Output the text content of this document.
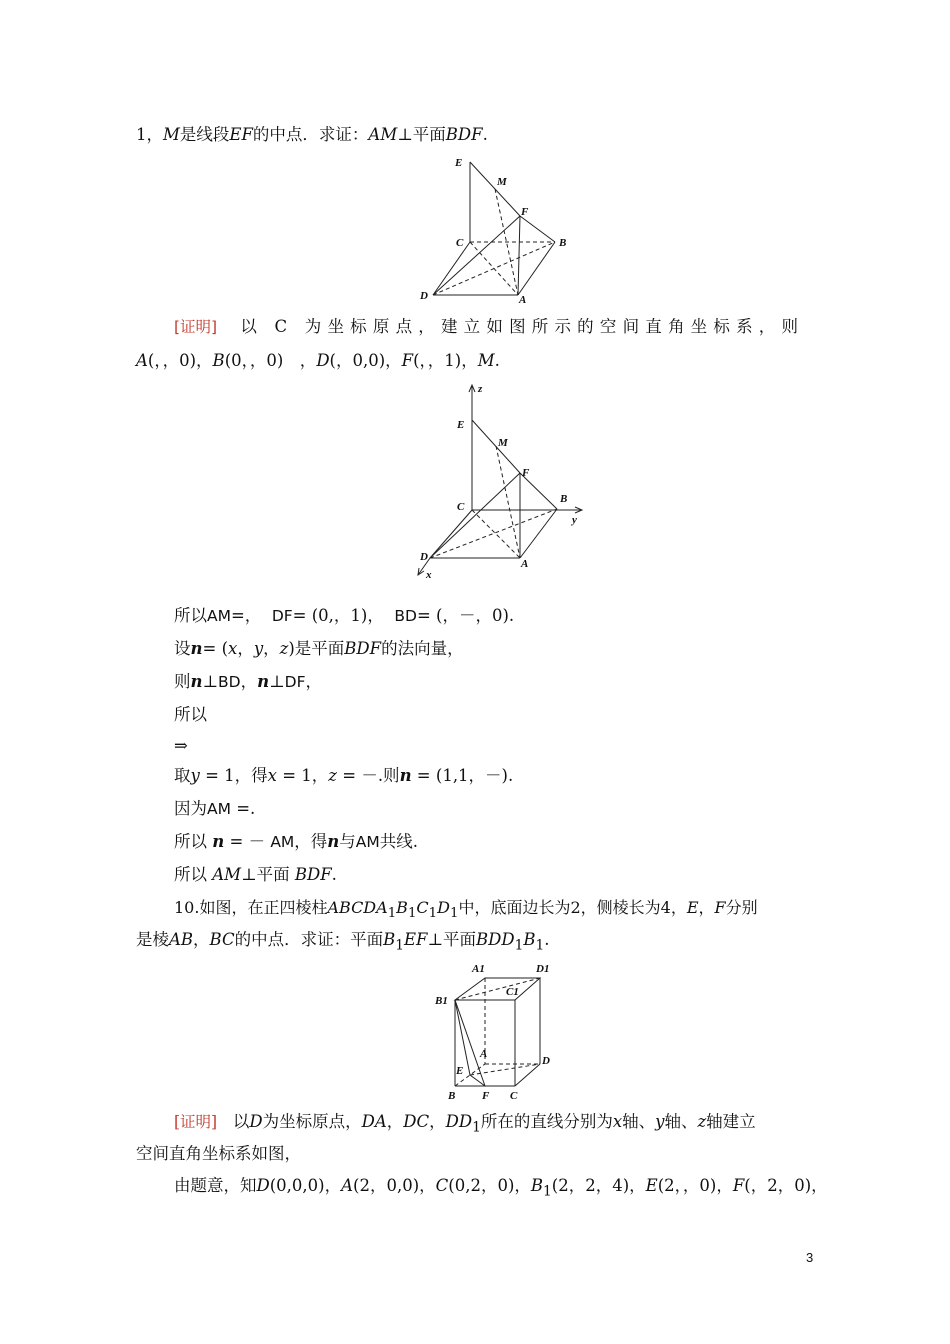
1，M是线段EF的中点．求证：AM⊥平面BDF.
E
M
F
C	B
D	A
[证明] 以 C 为坐标原点，建立如图所示的空间直角坐标系，则
A(，，0)，B(0，，0)　，D(，0,0)，F(，，1)，M.
z
E
M
F
B
y
C
D
A
x
所以AM=， DF= (0,，1)， BD= (，－，0).
设n= (x，y，z)是平面BDF的法向量，
则n⊥BD，n⊥DF，
所以
⇒
取y = 1，得x = 1，z = －.则n = (1,1，－).
因为AM =.
所以 n = － AM，得n与AM共线.
所以 AM⊥平面 BDF.
10.如图，在正四棱柱$ABCDA_1B_1C_1D_1$中，底面边长为2，侧棱长为4，E，F分别
是棱AB，BC的中点．求证：平面$B_1EF\perp$平面$BDD_1B_1$.
A1	D1
C1
B1
A
D
E
B F C
[证明] 以D为坐标原点，DA，DC，$DD_1$所在的直线分别为x轴、y轴、z轴建立
空间直角坐标系如图，
由题意，知D(0,0,0)，A(2，0,0)，C(0,2，0)，$B_1(2$，2，4)，E(2，，0)，F(，2，0)，
3
